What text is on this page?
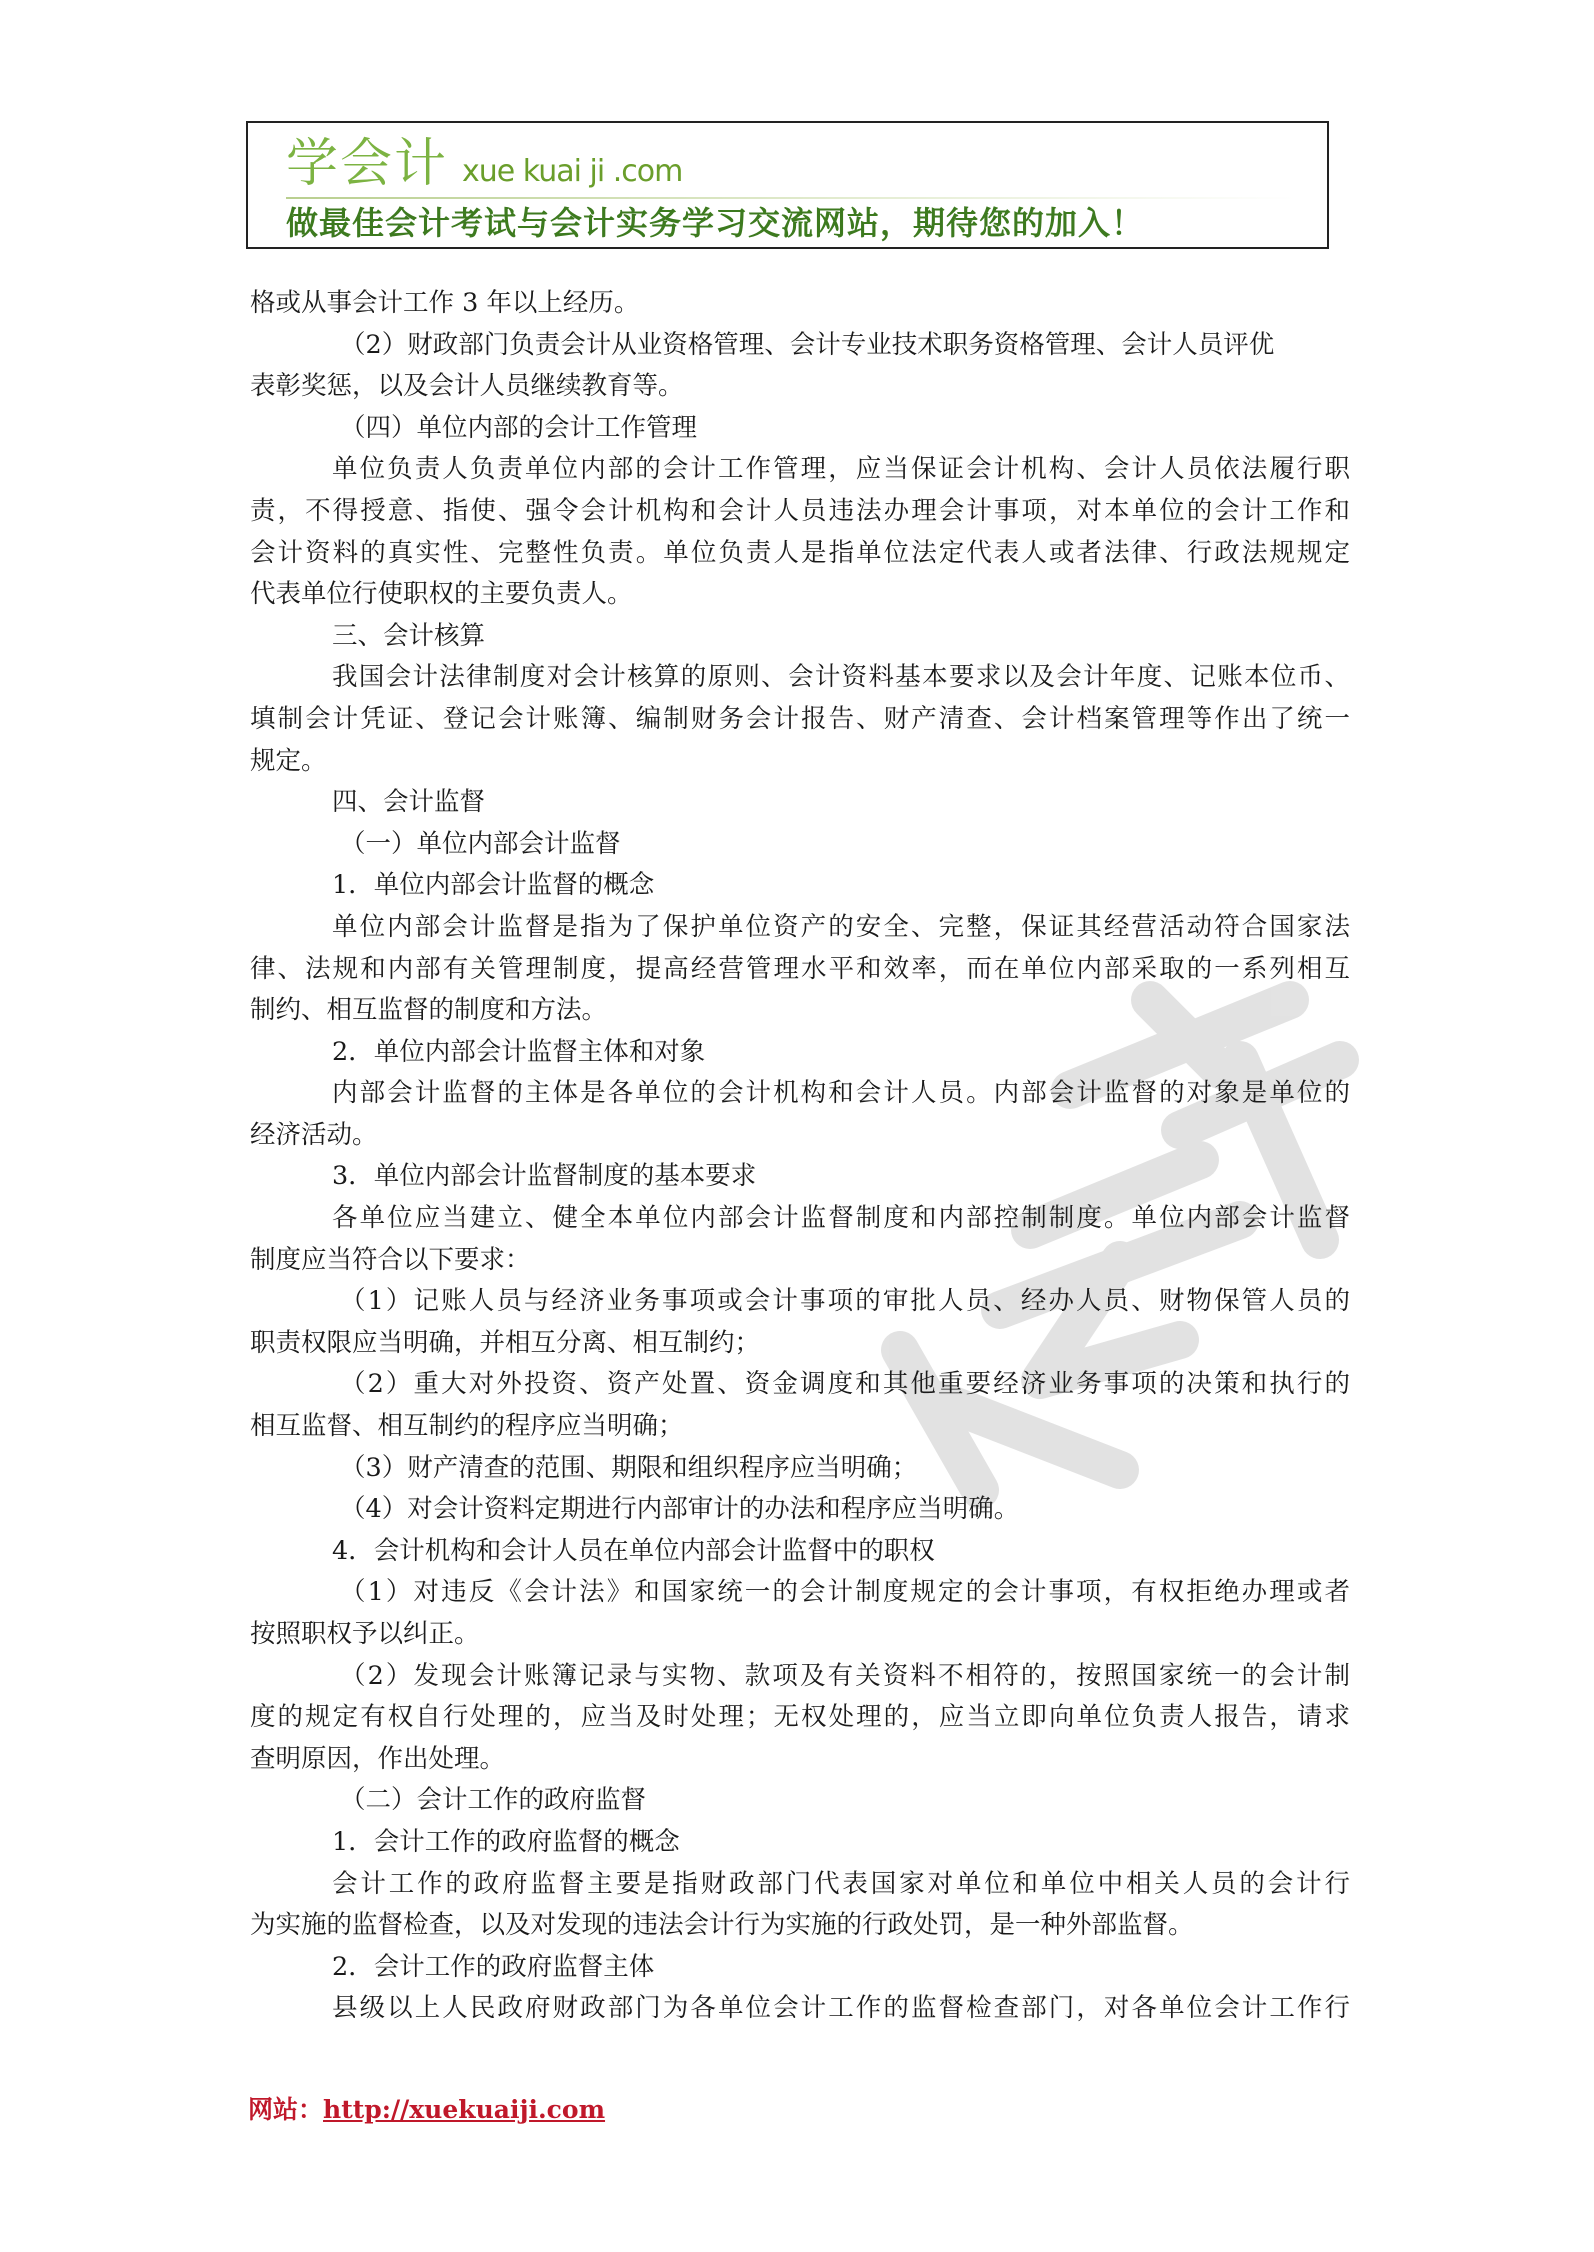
学会计 xue kuai ji .com
做最佳会计考试与会计实务学习交流网站，期待您的加入！
格或从事会计工作 3 年以上经历。
（2）财政部门负责会计从业资格管理、会计专业技术职务资格管理、会计人员评优
表彰奖惩，以及会计人员继续教育等。
（四）单位内部的会计工作管理
单位负责人负责单位内部的会计工作管理，应当保证会计机构、会计人员依法履行职
责，不得授意、指使、强令会计机构和会计人员违法办理会计事项，对本单位的会计工作和
会计资料的真实性、完整性负责。单位负责人是指单位法定代表人或者法律、行政法规规定
代表单位行使职权的主要负责人。
三、会计核算
我国会计法律制度对会计核算的原则、会计资料基本要求以及会计年度、记账本位币、
填制会计凭证、登记会计账簿、编制财务会计报告、财产清查、会计档案管理等作出了统一
规定。
四、会计监督
（一）单位内部会计监督
1．单位内部会计监督的概念
单位内部会计监督是指为了保护单位资产的安全、完整，保证其经营活动符合国家法
律、法规和内部有关管理制度，提高经营管理水平和效率，而在单位内部采取的一系列相互
制约、相互监督的制度和方法。
2．单位内部会计监督主体和对象
内部会计监督的主体是各单位的会计机构和会计人员。内部会计监督的对象是单位的
经济活动。
3．单位内部会计监督制度的基本要求
各单位应当建立、健全本单位内部会计监督制度和内部控制制度。单位内部会计监督
制度应当符合以下要求：
（1）记账人员与经济业务事项或会计事项的审批人员、经办人员、财物保管人员的
职责权限应当明确，并相互分离、相互制约；
（2）重大对外投资、资产处置、资金调度和其他重要经济业务事项的决策和执行的
相互监督、相互制约的程序应当明确；
（3）财产清查的范围、期限和组织程序应当明确；
（4）对会计资料定期进行内部审计的办法和程序应当明确。
4．会计机构和会计人员在单位内部会计监督中的职权
（1）对违反《会计法》和国家统一的会计制度规定的会计事项，有权拒绝办理或者
按照职权予以纠正。
（2）发现会计账簿记录与实物、款项及有关资料不相符的，按照国家统一的会计制
度的规定有权自行处理的，应当及时处理；无权处理的，应当立即向单位负责人报告，请求
查明原因，作出处理。
（二）会计工作的政府监督
1．会计工作的政府监督的概念
会计工作的政府监督主要是指财政部门代表国家对单位和单位中相关人员的会计行
为实施的监督检查，以及对发现的违法会计行为实施的行政处罚，是一种外部监督。
2．会计工作的政府监督主体
县级以上人民政府财政部门为各单位会计工作的监督检查部门，对各单位会计工作行
网站：http://xuekuaiji.com
